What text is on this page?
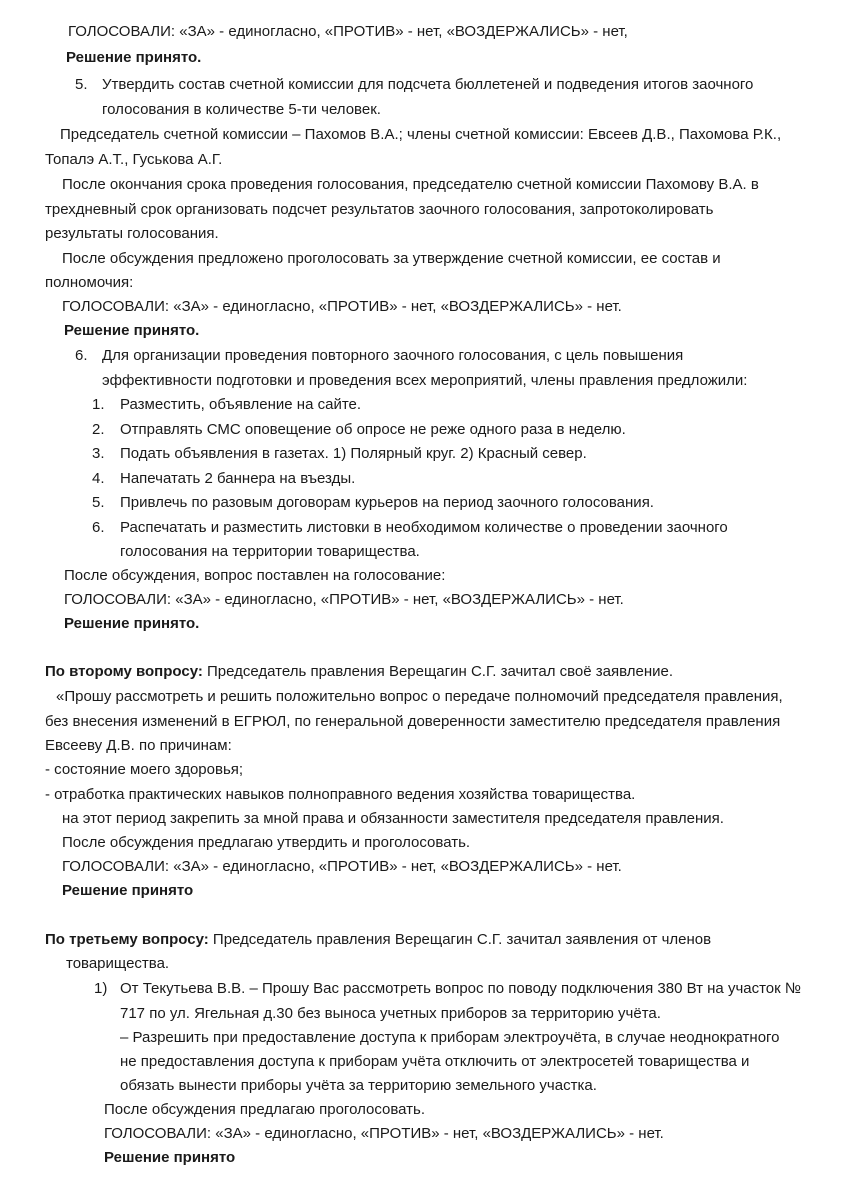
ГОЛОСОВАЛИ: «ЗА» - единогласно, «ПРОТИВ» - нет, «ВОЗДЕРЖАЛИСЬ» - нет,
Решение принято.
5. Утвердить состав счетной комиссии для подсчета бюллетеней и подведения итогов заочного
голосования в количестве 5-ти человек.
Председатель счетной комиссии – Пахомов В.А.; члены счетной комиссии: Евсеев Д.В., Пахомова Р.К.,
Топалэ А.Т., Гуськова А.Г.
После окончания срока проведения голосования, председателю счетной комиссии Пахомову В.А. в
трехдневный срок организовать подсчет результатов заочного голосования, запротоколировать
результаты голосования.
После обсуждения предложено проголосовать за утверждение счетной комиссии, ее состав и
полномочия:
ГОЛОСОВАЛИ: «ЗА» - единогласно, «ПРОТИВ» - нет, «ВОЗДЕРЖАЛИСЬ» - нет.
Решение принято.
6. Для организации проведения повторного заочного голосования, с цель повышения
эффективности подготовки и проведения всех мероприятий, члены правления предложили:
1. Разместить, объявление на сайте.
2. Отправлять СМС оповещение об опросе не реже одного раза в неделю.
3. Подать объявления в газетах. 1) Полярный круг. 2) Красный север.
4. Напечатать 2 баннера на въезды.
5. Привлечь по разовым договорам курьеров на период заочного голосования.
6. Распечатать и разместить листовки в необходимом количестве о проведении заочного
голосования на территории товарищества.
После обсуждения, вопрос поставлен на голосование:
ГОЛОСОВАЛИ: «ЗА» - единогласно, «ПРОТИВ» - нет, «ВОЗДЕРЖАЛИСЬ» - нет.
Решение принято.
По второму вопросу: Председатель правления Верещагин С.Г. зачитал своё заявление.
«Прошу рассмотреть и решить положительно вопрос о передаче полномочий председателя правления,
без внесения изменений в ЕГРЮЛ, по генеральной доверенности заместителю председателя правления
Евсееву Д.В. по причинам:
- состояние моего здоровья;
- отработка практических навыков полноправного ведения хозяйства товарищества.
на этот период закрепить за мной права и обязанности заместителя председателя правления.
После обсуждения предлагаю утвердить и проголосовать.
ГОЛОСОВАЛИ: «ЗА» - единогласно, «ПРОТИВ» - нет, «ВОЗДЕРЖАЛИСЬ» - нет.
Решение принято
По третьему вопросу: Председатель правления Верещагин С.Г. зачитал заявления от членов
товарищества.
1) От Текутьева В.В. – Прошу Вас рассмотреть вопрос по поводу подключения 380 Вт на участок №
717 по ул. Ягельная д.30 без выноса учетных приборов за территорию учёта.
– Разрешить при предоставление доступа к приборам электроучёта, в случае неоднократного
не предоставления доступа к приборам учёта отключить от электросетей товарищества и
обязать вынести приборы учёта за территорию земельного участка.
После обсуждения предлагаю проголосовать.
ГОЛОСОВАЛИ: «ЗА» - единогласно, «ПРОТИВ» - нет, «ВОЗДЕРЖАЛИСЬ» - нет.
Решение принято
